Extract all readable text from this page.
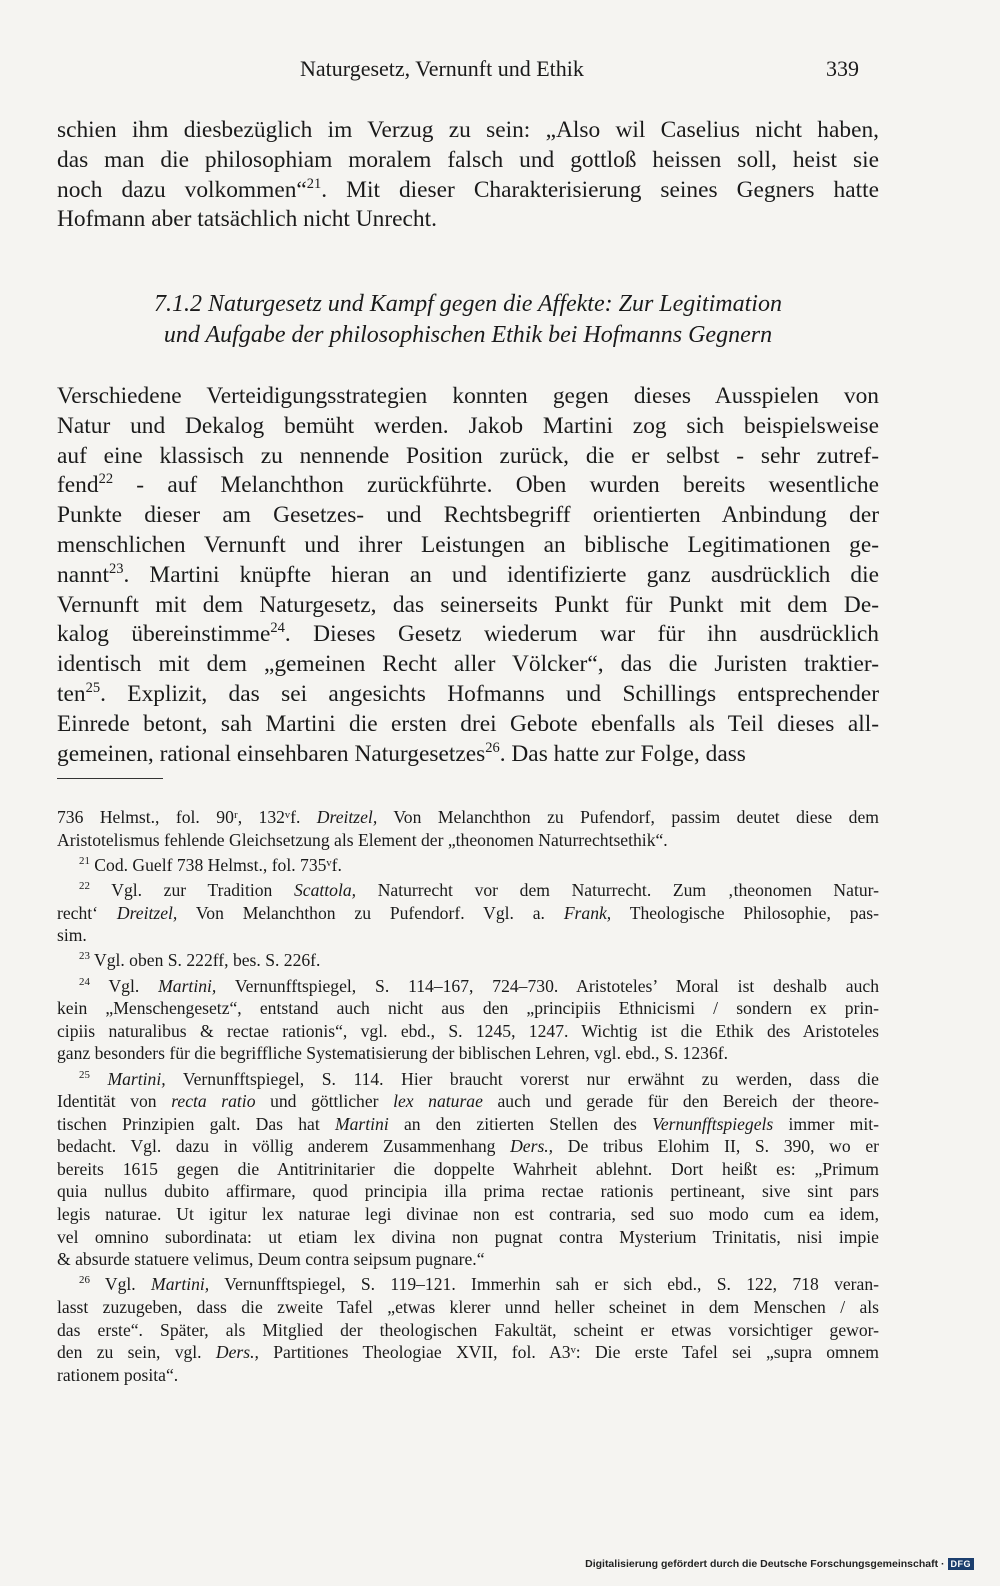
Naturgesetz, Vernunft und Ethik	339
schien ihm diesbezüglich im Verzug zu sein: „Also wil Caselius nicht haben,
das man die philosophiam moralem falsch und gottloß heissen soll, heist sie
noch dazu volkommen“$^{21}$. Mit dieser Charakterisierung seines Gegners hatte
Hofmann aber tatsächlich nicht Unrecht.
7.1.2 Naturgesetz und Kampf gegen die Affekte: Zur Legitimation
und Aufgabe der philosophischen Ethik bei Hofmanns Gegnern
Verschiedene Verteidigungsstrategien konnten gegen dieses Ausspielen von
Natur und Dekalog bemüht werden. Jakob Martini zog sich beispielsweise
auf eine klassisch zu nennende Position zurück, die er selbst - sehr zutref-
fend$^{22}$ - auf Melanchthon zurückführte. Oben wurden bereits wesentliche
Punkte dieser am Gesetzes- und Rechtsbegriff orientierten Anbindung der
menschlichen Vernunft und ihrer Leistungen an biblische Legitimationen ge-
nannt$^{23}$. Martini knüpfte hieran an und identifizierte ganz ausdrücklich die
Vernunft mit dem Naturgesetz, das seinerseits Punkt für Punkt mit dem De-
kalog übereinstimme$^{24}$. Dieses Gesetz wiederum war für ihn ausdrücklich
identisch mit dem „gemeinen Recht aller Völcker“, das die Juristen traktier-
ten$^{25}$. Explizit, das sei angesichts Hofmanns und Schillings entsprechender
Einrede betont, sah Martini die ersten drei Gebote ebenfalls als Teil dieses all-
gemeinen, rational einsehbaren Naturgesetzes$^{26}$. Das hatte zur Folge, dass
736 Helmst., fol. 90ʳ, 132ᵛf. Dreitzel, Von Melanchthon zu Pufendorf, passim deutet diese dem
Aristotelismus fehlende Gleichsetzung als Element der „theonomen Naturrechtsethik“.
$^{21}$ Cod. Guelf 738 Helmst., fol. 735ᵛf.
$^{22}$ Vgl. zur Tradition Scattola, Naturrecht vor dem Naturrecht. Zum ‚theonomen Natur-
recht‘ Dreitzel, Von Melanchthon zu Pufendorf. Vgl. a. Frank, Theologische Philosophie, pas-
sim.
$^{23}$ Vgl. oben S. 222ff, bes. S. 226f.
$^{24}$ Vgl. Martini, Vernunfftspiegel, S. 114–167, 724–730. Aristoteles’ Moral ist deshalb auch
kein „Menschengesetz“, entstand auch nicht aus den „principiis Ethnicismi / sondern ex prin-
cipiis naturalibus & rectae rationis“, vgl. ebd., S. 1245, 1247. Wichtig ist die Ethik des Aristoteles
ganz besonders für die begriffliche Systematisierung der biblischen Lehren, vgl. ebd., S. 1236f.
$^{25}$ Martini, Vernunfftspiegel, S. 114. Hier braucht vorerst nur erwähnt zu werden, dass die
Identität von recta ratio und göttlicher lex naturae auch und gerade für den Bereich der theore-
tischen Prinzipien galt. Das hat Martini an den zitierten Stellen des Vernunfftspiegels immer mit-
bedacht. Vgl. dazu in völlig anderem Zusammenhang Ders., De tribus Elohim II, S. 390, wo er
bereits 1615 gegen die Antitrinitarier die doppelte Wahrheit ablehnt. Dort heißt es: „Primum
quia nullus dubito affirmare, quod principia illa prima rectae rationis pertineant, sive sint pars
legis naturae. Ut igitur lex naturae legi divinae non est contraria, sed suo modo cum ea idem,
vel omnino subordinata: ut etiam lex divina non pugnat contra Mysterium Trinitatis, nisi impie
& absurde statuere velimus, Deum contra seipsum pugnare.“
$^{26}$ Vgl. Martini, Vernunfftspiegel, S. 119–121. Immerhin sah er sich ebd., S. 122, 718 veran-
lasst zuzugeben, dass die zweite Tafel „etwas klerer unnd heller scheinet in dem Menschen / als
das erste“. Später, als Mitglied der theologischen Fakultät, scheint er etwas vorsichtiger gewor-
den zu sein, vgl. Ders., Partitiones Theologiae XVII, fol. A3ᵛ: Die erste Tafel sei „supra omnem
rationem posita“.
Digitalisierung gefördert durch die Deutsche Forschungsgemeinschaft · DFG
